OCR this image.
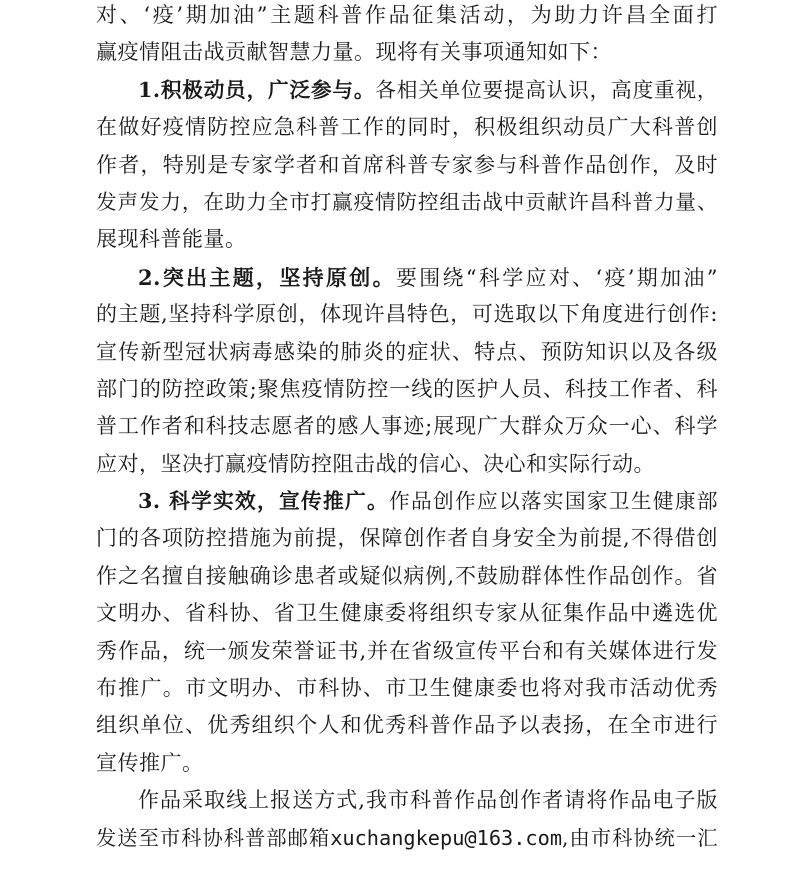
对、‘疫’期加油”主题科普作品征集活动，为助力许昌全面打
赢疫情阻击战贡献智慧力量。现将有关事项通知如下：
1.积极动员，广泛参与。各相关单位要提高认识，高度重视，
在做好疫情防控应急科普工作的同时，积极组织动员广大科普创
作者，特别是专家学者和首席科普专家参与科普作品创作，及时
发声发力，在助力全市打赢疫情防控组击战中贡献许昌科普力量、
展现科普能量。
2.突出主题，坚持原创。要围绕“科学应对、‘疫’期加油”
的主题,坚持科学原创，体现许昌特色，可选取以下角度进行创作:
宣传新型冠状病毒感染的肺炎的症状、特点、预防知识以及各级
部门的防控政策;聚焦疫情防控一线的医护人员、科技工作者、科
普工作者和科技志愿者的感人事迹;展现广大群众万众一心、科学
应对，坚决打赢疫情防控阻击战的信心、决心和实际行动。
3. 科学实效，宣传推广。作品创作应以落实国家卫生健康部
门的各项防控措施为前提，保障创作者自身安全为前提,不得借创
作之名擅自接触确诊患者或疑似病例,不鼓励群体性作品创作。省
文明办、省科协、省卫生健康委将组织专家从征集作品中遴选优
秀作品，统一颁发荣誉证书,并在省级宣传平台和有关媒体进行发
布推广。市文明办、市科协、市卫生健康委也将对我市活动优秀
组织单位、优秀组织个人和优秀科普作品予以表扬，在全市进行
宣传推广。
作品采取线上报送方式,我市科普作品创作者请将作品电子版
发送至市科协科普部邮箱xuchangkepu@163.com,由市科协统一汇
